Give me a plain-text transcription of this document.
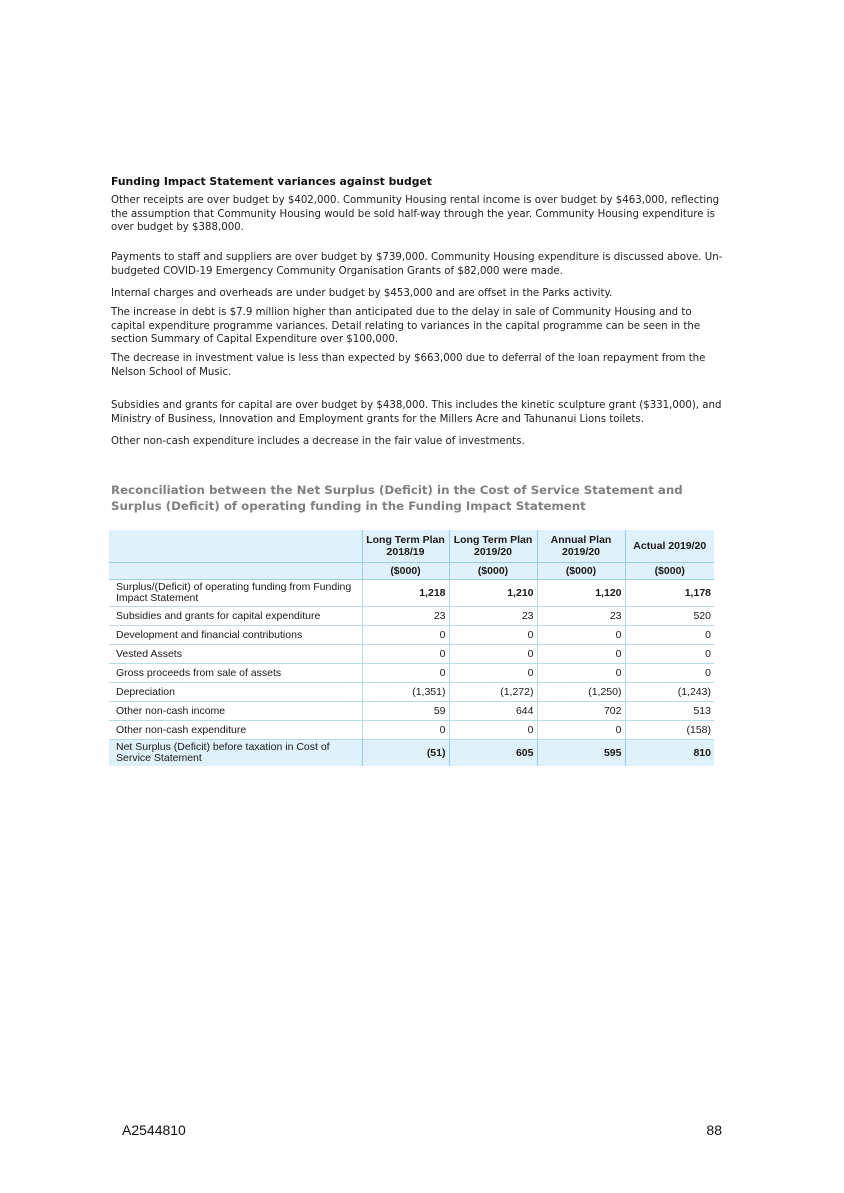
Funding Impact Statement variances against budget
Other receipts are over budget by $402,000. Community Housing rental income is over budget by $463,000, reflecting the assumption that Community Housing would be sold half-way through the year. Community Housing expenditure is over budget by $388,000.
Payments to staff and suppliers are over budget by $739,000. Community Housing expenditure is discussed above. Un-budgeted COVID-19 Emergency Community Organisation Grants of $82,000 were made.
Internal charges and overheads are under budget by $453,000 and are offset in the Parks activity.
The increase in debt is $7.9 million higher than anticipated due to the delay in sale of Community Housing and to capital expenditure programme variances. Detail relating to variances in the capital programme can be seen in the section Summary of Capital Expenditure over $100,000.
The decrease in investment value is less than expected by $663,000 due to deferral of the loan repayment from the Nelson School of Music.
Subsidies and grants for capital are over budget by $438,000. This includes the kinetic sculpture grant ($331,000), and Ministry of Business, Innovation and Employment grants for the Millers Acre and Tahunanui Lions toilets.
Other non-cash expenditure includes a decrease in the fair value of investments.
Reconciliation between the Net Surplus (Deficit) in the Cost of Service Statement and Surplus (Deficit) of operating funding in the Funding Impact Statement
	Long Term Plan 2018/19	Long Term Plan 2019/20	Annual Plan 2019/20	Actual 2019/20
	($000)	($000)	($000)	($000)
Surplus/(Deficit) of operating funding from Funding Impact Statement	1,218	1,210	1,120	1,178
Subsidies and grants for capital expenditure	23	23	23	520
Development and financial contributions	0	0	0	0
Vested Assets	0	0	0	0
Gross proceeds from sale of assets	0	0	0	0
Depreciation	(1,351)	(1,272)	(1,250)	(1,243)
Other non-cash income	59	644	702	513
Other non-cash expenditure	0	0	0	(158)
Net Surplus (Deficit) before taxation in Cost of Service Statement	(51)	605	595	810
A2544810	88
